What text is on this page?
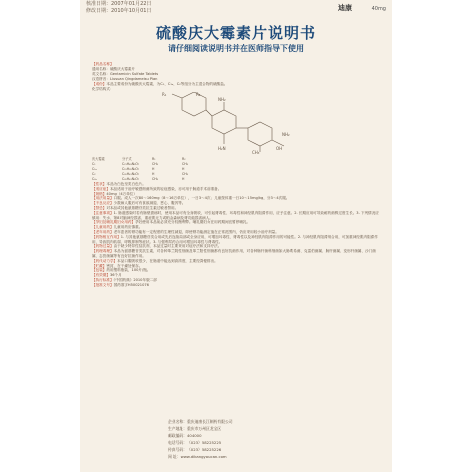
核准日期：2007年01月22日
修改日期：2010年10月01日	迪康	40mg
硫酸庆大霉素片说明书
请仔细阅读说明书并在医师指导下使用
【药品名称】
通用名称：硫酸庆大霉素片
英文名称：Gentamicin Sulfate Tablets
汉语拼音：Liusuan Qingdameisu Pian
【成份】本品主要成份为硫酸庆大霉素，为C₁、C₁ₐ、C₂等组分为主混合物的硫酸盐。
化学结构式：
R₁	R₂
NH₂
H₂N	OH
CH₃
NH₂
庆大霉素	分子式	R₁	R₂
C₁	C₂₁H₄₃N₅O₇	CH₃	CH₃
C₁ₐ	C₁₉H₃₉N₅O₇	H	H
C₂	C₂₀H₄₁N₅O₇	H	CH₃
C₂ₐ	C₂₀H₄₁N₅O₇	CH₃	H
【性状】本品为白色至类白色片。
【适应症】本品适用于治疗敏感细菌所致的轻症感染，亦可用于肠道手术前准备。
【规格】40mg（4万单位）
【用法用量】口服。成人一次80～160mg（8～16万单位），一日3～4次；儿童按体重一日10～15mg/kg，分3～4次服。
【不良反应】少数病人服后可有食欲减退、恶心、腹泻等。
【禁忌】对本品或其他氨基糖苷类抗生素过敏者禁用。
【注意事项】1. 肠道感染时若有肠壁溃疡时，使用本品可有全身吸收，可引起肾毒性、耳毒性和神经肌肉阻滞作用，应予注意。2. 长期应用可导致耐药菌株过度生长。3. 下列情况应慎用：失水、第8对脑神经损害、重症肌无力或帕金森病及肾功能损害病人。
【孕妇及哺乳期妇女用药】孕妇使用本品前必须充分权衡利弊。哺乳期妇女在用药期间宜暂停哺乳。
【儿童用药】儿童用药应慎重。
【老年用药】老年患者的肾功能有一定程度的生理性减退，即使肾功能测定值在正常范围内，仍应采用较小治疗剂量。
【药物相互作用】1. 与其他氨基糖苷类合用或先后连续局部或全身应用，可增加耳毒性、肾毒性以及神经肌肉阻滞作用的可能性。2. 与神经肌肉阻滞剂合用，可加重神经肌肉阻滞作用，导致肌肉软弱、呼吸抑制等症状。3. 与强利尿药合用可增加耳毒性与肾毒性。
【药物过量】由于缺少特异性拮抗剂，本品过量时主要采用对症疗法和支持疗法。
【药理毒理】本品为氨基糖苷类抗生素，对各种革兰阴性细菌及革兰阳性细菌都有良好抗菌作用，对各种肠杆菌科细菌如大肠埃希菌、克雷伯菌属、肠杆菌属、变形杆菌属、沙门菌属、志贺菌属等有良好抗菌作用。
【药代动力学】本品口服吸收很少，在肠道中能达到高浓度，主要经粪便排出。
【贮藏】密封，在干燥处保存。
【包装】药用塑料瓶装，100片/瓶。
【有效期】36个月
【执行标准】《中国药典》2010年版二部
【批准文号】国药准字H50021076
企业名称：重庆迪康长江制药有限公司
生产地址：重庆市万州区龙宝区
邮政编码：404000
电话号码：（023）58225225
传真号码：（023）58225226
网 址：www.dikangyoucan.com
